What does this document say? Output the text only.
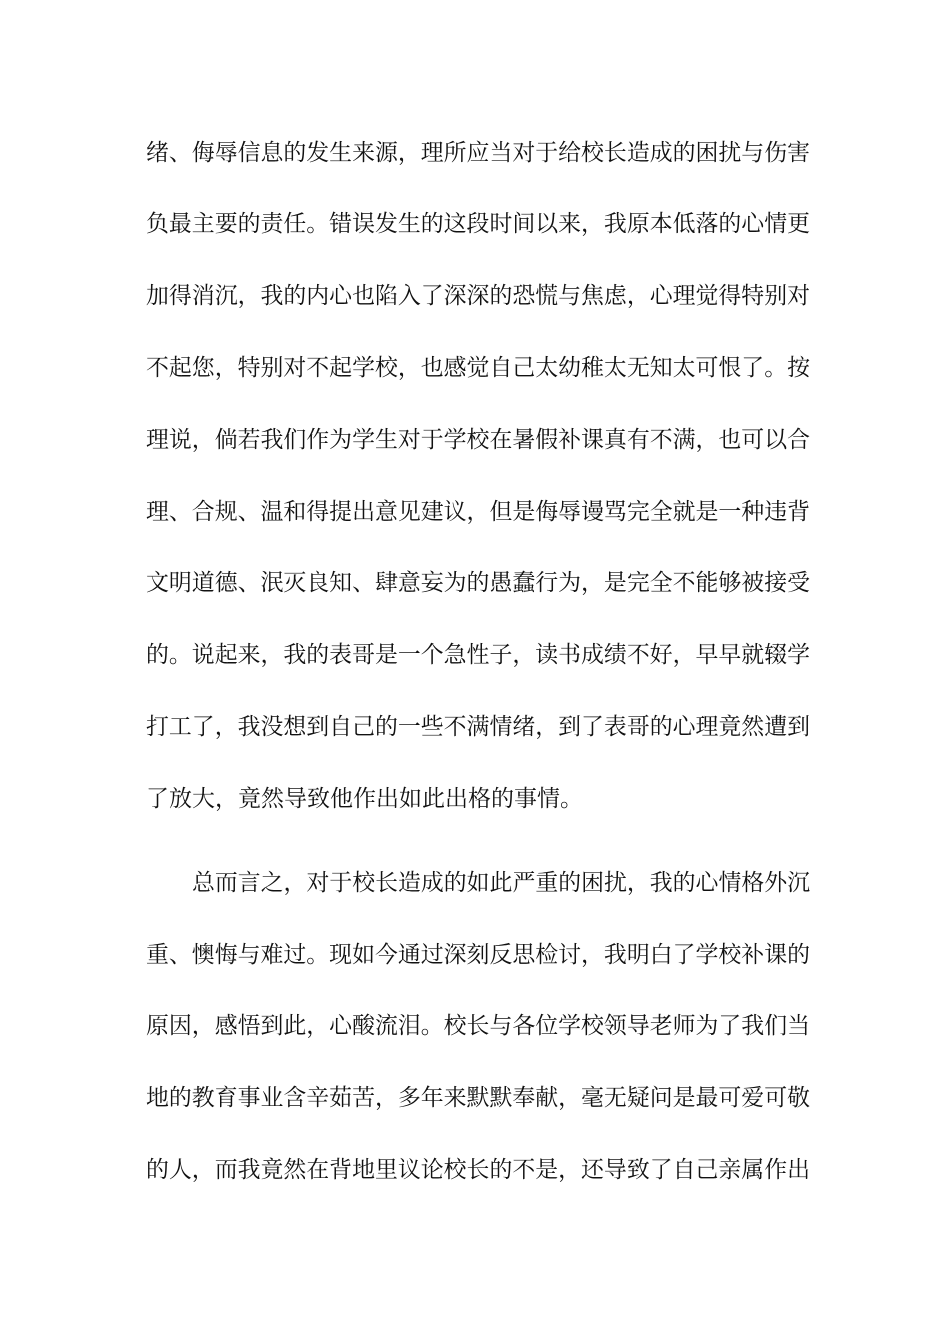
绪、侮辱信息的发生来源，理所应当对于给校长造成的困扰与伤害
负最主要的责任。错误发生的这段时间以来，我原本低落的心情更
加得消沉，我的内心也陷入了深深的恐慌与焦虑，心理觉得特别对
不起您，特别对不起学校，也感觉自己太幼稚太无知太可恨了。按
理说，倘若我们作为学生对于学校在暑假补课真有不满，也可以合
理、合规、温和得提出意见建议，但是侮辱谩骂完全就是一种违背
文明道德、泯灭良知、肆意妄为的愚蠢行为，是完全不能够被接受
的。说起来，我的表哥是一个急性子，读书成绩不好，早早就辍学
打工了，我没想到自己的一些不满情绪，到了表哥的心理竟然遭到
了放大，竟然导致他作出如此出格的事情。
总而言之，对于校长造成的如此严重的困扰，我的心情格外沉
重、懊悔与难过。现如今通过深刻反思检讨，我明白了学校补课的
原因，感悟到此，心酸流泪。校长与各位学校领导老师为了我们当
地的教育事业含辛茹苦，多年来默默奉献，毫无疑问是最可爱可敬
的人，而我竟然在背地里议论校长的不是，还导致了自己亲属作出
